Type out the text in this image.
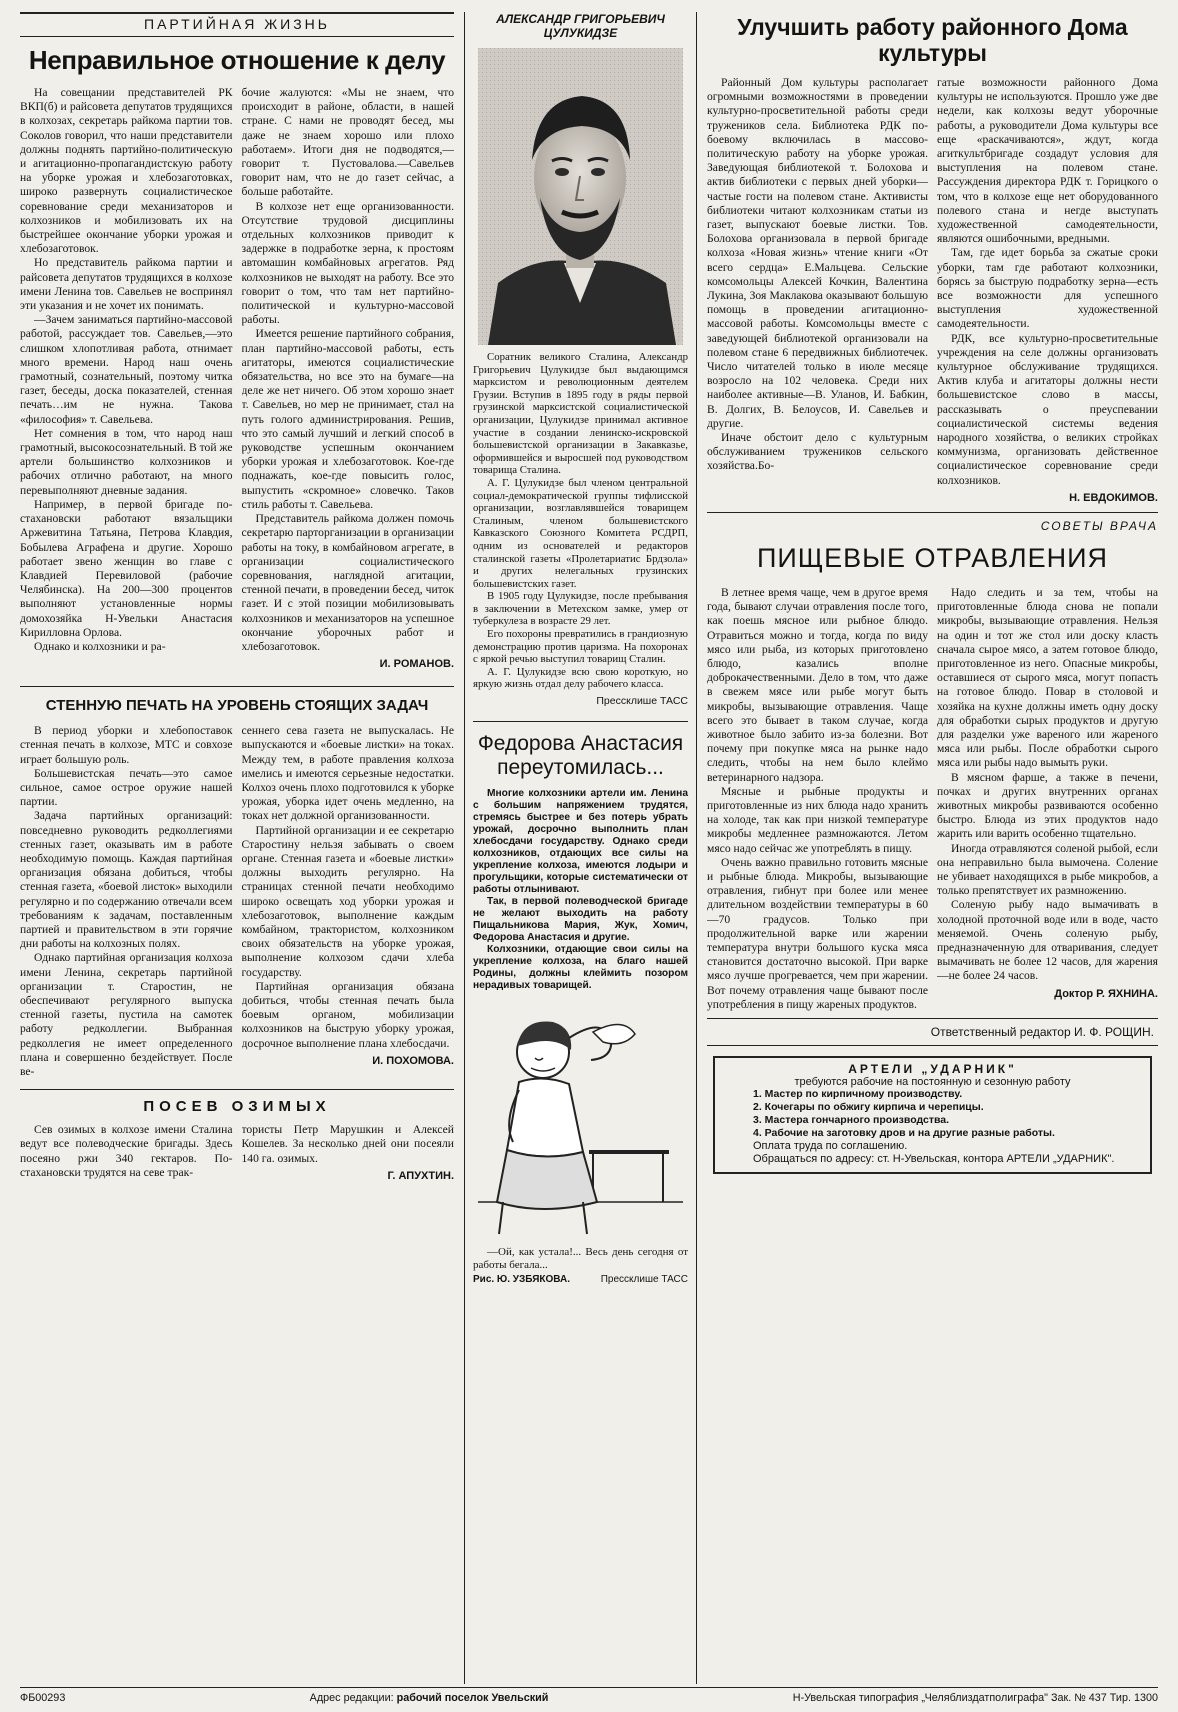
ПАРТИЙНАЯ ЖИЗНЬ
Неправильное отношение к делу

На совещании представителей РК ВКП(б) и райсовета депутатов трудящихся в колхозах, секретарь райкома партии тов. Соколов говорил, что наши представители должны поднять партийно-политическую и агитационно-пропагандистскую работу на уборке урожая и хлебозаготовках, широко развернуть социалистическое соревнование среди механизаторов и колхозников и мобилизовать их на быстрейшее окончание уборки урожая и хлебозаготовок.

Но представитель райкома партии и райсовета депутатов трудящихся в колхозе имени Ленина тов. Савельев не воспринял эти указания и не хочет их понимать.

—Зачем заниматься партийно-массовой работой, рассуждает тов. Савельев,—это слишком хлопотливая работа, отнимает много времени. Народ наш очень грамотный, сознательный, поэтому читка газет, беседы, доска показателей, стенная печать…им не нужна. Такова «философия» т. Савельева.

Нет сомнения в том, что народ наш грамотный, высокосознательный. В той же артели большинство колхозников и рабочих отлично работают, на много перевыполняют дневные задания.

Например, в первой бригаде по-стахановски работают вязальщики Аржевитина Татьяна, Петрова Клавдия, Бобылева Аграфена и другие. Хорошо работает звено женщин во главе с Клавдией Перевиловой (рабочие Челябинска). На 200—300 процентов выполняют установленные нормы домохозяйка Н-Увельки Анастасия Кирилловна Орлова.

Однако и колхозники и ра-

бочие жалуются: «Мы не знаем, что происходит в районе, области, в нашей стране. С нами не проводят бесед, мы даже не знаем хорошо или плохо работаем». Итоги дня не подводятся,—говорит т. Пустовалова.—Савельев говорит нам, что не до газет сейчас, а больше работайте.

В колхозе нет еще организованности. Отсутствие трудовой дисциплины отдельных колхозников приводит к задержке в подработке зерна, к простоям автомашин комбайновых агрегатов. Ряд колхозников не выходят на работу. Все это говорит о том, что там нет партийно-политической и культурно-массовой работы.

Имеется решение партийного собрания, план партийно-массовой работы, есть агитаторы, имеются социалистические обязательства, но все это на бумаге—на деле же нет ничего. Об этом хорошо знает т. Савельев, но мер не принимает, стал на путь голого администрирования. Решив, что это самый лучший и легкий способ в руководстве успешным окончанием уборки урожая и хлебозаготовок. Кое-где поднажать, кое-где повысить голос, выпустить «скромное» словечко. Таков стиль работы т. Савельева.

Представитель райкома должен помочь секретарю парторганизации в организации работы на току, в комбайновом агрегате, в организации социалистического соревнования, наглядной агитации, стенной печати, в проведении бесед, читок газет. И с этой позиции мобилизовывать колхозников и механизаторов на успешное окончание уборочных работ и хлебозаготовок.

И. РОМАНОВ.
СТЕННУЮ ПЕЧАТЬ НА УРОВЕНЬ СТОЯЩИХ ЗАДАЧ

В период уборки и хлебопоставок стенная печать в колхозе, МТС и совхозе играет большую роль.

Большевистская печать—это самое сильное, самое острое оружие нашей партии.

Задача партийных организаций: повседневно руководить редколлегиями стенных газет, оказывать им в работе необходимую помощь. Каждая партийная организация обязана добиться, чтобы стенная газета, «боевой листок» выходили регулярно и по содержанию отвечали всем требованиям к задачам, поставленным партией и правительством в эти горячие дни работы на колхозных полях.

Однако партийная организация колхоза имени Ленина, секретарь партийной организации т. Старостин, не обеспечивают регулярного выпуска стенной газеты, пустила на самотек работу редколлегии. Выбранная редколлегия не имеет определенного плана и совершенно бездействует. После ве-

сеннего сева газета не выпускалась. Не выпускаются и «боевые листки» на токах. Между тем, в работе правления колхоза имелись и имеются серьезные недостатки. Колхоз очень плохо подготовился к уборке урожая, уборка идет очень медленно, на токах нет должной организованности.

Партийной организации и ее секретарю Старостину нельзя забывать о своем органе. Стенная газета и «боевые листки» должны выходить регулярно. На страницах стенной печати необходимо широко освещать ход уборки урожая и хлебозаготовок, выполнение каждым комбайном, трактористом, колхозником своих обязательств на уборке урожая, выполнение колхозом сдачи хлеба государству.

Партийная организация обязана добиться, чтобы стенная печать была боевым органом, мобилизации колхозников на быструю уборку урожая, досрочное выполнение плана хлебосдачи.

И. ПОХОМОВА.
ПОСЕВ ОЗИМЫХ

Сев озимых в колхозе имени Сталина ведут все полеводческие бригады. Здесь посеяно ржи 340 гектаров. По-стахановски трудятся на севе трак-

тористы Петр Марушкин и Алексей Кошелев. За несколько дней они посеяли 140 га. озимых.

Г. АПУХТИН.
АЛЕКСАНДР ГРИГОРЬЕВИЧ ЦУЛУКИДЗЕ

Соратник великого Сталина, Александр Григорьевич Цулукидзе был выдающимся марксистом и революционным деятелем Грузии. Вступив в 1895 году в ряды первой грузинской марксистской социалистической организации, Цулукидзе принимал активное участие в создании ленинско-искровской большевистской организации в Закавказье, оформившейся и выросшей под руководством товарища Сталина.

А. Г. Цулукидзе был членом центральной социал-демократической группы тифлисской организации, возглавлявшейся товарищем Сталиным, членом большевистского Кавказского Союзного Комитета РСДРП, одним из основателей и редакторов сталинской газеты «Пролетариатис Брдзола» и других нелегальных грузинских большевистских газет.

В 1905 году Цулукидзе, после пребывания в заключении в Метехском замке, умер от туберкулеза в возрасте 29 лет.

Его похороны превратились в грандиозную демонстрацию против царизма. На похоронах с яркой речью выступил товарищ Сталин.

А. Г. Цулукидзе всю свою короткую, но яркую жизнь отдал делу рабочего класса.

Прессклише ТАСС
Федорова Анастасия переутомилась...

Многие колхозники артели им. Ленина с большим напряжением трудятся, стремясь быстрее и без потерь убрать урожай, досрочно выполнить план хлебосдачи государству. Однако среди колхозников, отдающих все силы на укрепление колхоза, имеются лодыри и прогульщики, которые систематически от работы отлынивают.

Так, в первой полеводческой бригаде не желают выходить на работу Пищальникова Мария, Жук, Хомич, Федорова Анастасия и другие.

Колхозники, отдающие свои силы на укрепление колхоза, на благо нашей Родины, должны клеймить позором нерадивых товарищей.

—Ой, как устала!... Весь день сегодня от работы бегала...

Рис. Ю. УЗБЯКОВА.	Прессклише ТАСС
Улучшить работу районного Дома культуры

Районный Дом культуры располагает огромными возможностями в проведении культурно-просветительной работы среди тружеников села. Библиотека РДК по-боевому включилась в массово-политическую работу на уборке урожая. Заведующая библиотекой т. Болохова и актив библиотеки с первых дней уборки—частые гости на полевом стане. Активисты библиотеки читают колхозникам статьи из газет, выпускают боевые листки. Тов. Болохова организовала в первой бригаде колхоза «Новая жизнь» чтение книги «От всего сердца» Е.Мальцева. Сельские комсомольцы Алексей Кочкин, Валентина Лукина, Зоя Маклакова оказывают большую помощь в проведении агитационно-массовой работы. Комсомольцы вместе с заведующей библиотекой организовали на полевом стане 6 передвижных библиотечек. Число читателей только в июле месяце возросло на 102 человека. Среди них наиболее активные—В. Уланов, И. Бабкин, В. Долгих, В. Белоусов, И. Савельев и другие.

Иначе обстоит дело с культурным обслуживанием тружеников сельского хозяйства.Бо-

гатые возможности районного Дома культуры не используются. Прошло уже две недели, как колхозы ведут уборочные работы, а руководители Дома культуры все еще «раскачиваются», ждут, когда агиткультбригаде создадут условия для выступления на полевом стане. Рассуждения директора РДК т. Горицкого о том, что в колхозе еще нет оборудованного полевого стана и негде выступать художественной самодеятельности, являются ошибочными, вредными.

Там, где идет борьба за сжатые сроки уборки, там где работают колхозники, борясь за быструю подработку зерна—есть все возможности для успешного выступления художественной самодеятельности.

РДК, все культурно-просветительные учреждения на селе должны организовать культурное обслуживание трудящихся. Актив клуба и агитаторы должны нести большевистское слово в массы, рассказывать о преуспевании социалистической системы ведения народного хозяйства, о великих стройках коммунизма, организовать действенное социалистическое соревнование среди колхозников.

Н. ЕВДОКИМОВ.
СОВЕТЫ ВРАЧА
ПИЩЕВЫЕ ОТРАВЛЕНИЯ

В летнее время чаще, чем в другое время года, бывают случаи отравления после того, как поешь мясное или рыбное блюдо. Отравиться можно и тогда, когда по виду мясо или рыба, из которых приготовлено блюдо, казались вполне доброкачественными. Дело в том, что даже в свежем мясе или рыбе могут быть микробы, вызывающие отравления. Чаще всего это бывает в таком случае, когда животное было забито из-за болезни. Вот почему при покупке мяса на рынке надо следить, чтобы на нем было клеймо ветеринарного надзора.

Мясные и рыбные продукты и приготовленные из них блюда надо хранить на холоде, так как при низкой температуре микробы медленнее размножаются. Летом мясо надо сейчас же употреблять в пищу.

Очень важно правильно готовить мясные и рыбные блюда. Микробы, вызывающие отравления, гибнут при более или менее длительном воздействии температуры в 60—70 градусов. Только при продолжительной варке или жарении температура внутри большого куска мяса становится достаточно высокой. При варке мясо лучше прогревается, чем при жарении. Вот почему отравления чаще бывают после употребления в пищу жареных продуктов.

Надо следить и за тем, чтобы на приготовленные блюда снова не попали микробы, вызывающие отравления. Нельзя на один и тот же стол или доску класть сначала сырое мясо, а затем готовое блюдо, приготовленное из него. Опасные микробы, оставшиеся от сырого мяса, могут попасть на готовое блюдо. Повар в столовой и хозяйка на кухне должны иметь одну доску для обработки сырых продуктов и другую для разделки уже вареного или жареного мяса или рыбы. После обработки сырого мяса или рыбы надо вымыть руки.

В мясном фарше, а также в печени, почках и других внутренних органах животных микробы развиваются особенно быстро. Блюда из этих продуктов надо жарить или варить особенно тщательно.

Иногда отравляются соленой рыбой, если она неправильно была вымочена. Соление не убивает находящихся в рыбе микробов, а только препятствует их размножению.

Соленую рыбу надо вымачивать в холодной проточной воде или в воде, часто меняемой. Очень соленую рыбу, предназначенную для отваривания, следует вымачивать не более 12 часов, для жарения—не более 24 часов.

Доктор Р. ЯХНИНА.
Ответственный редактор И. Ф. РОЩИН.
АРТЕЛИ „УДАРНИК"
требуются рабочие на постоянную и сезонную работу
1. Мастер по кирпичному производству.
2. Кочегары по обжигу кирпича и черепицы.
3. Мастера гончарного производства.
4. Рабочие на заготовку дров и на другие разные работы.
Оплата труда по соглашению.
Обращаться по адресу: ст. Н-Увельская, контора АРТЕЛИ „УДАРНИК".
ФБ00293	Адрес редакции: рабочий поселок Увельский	Н-Увельская типография „Челяблиздатполиграфа" Зак. № 437 Тир. 1300
